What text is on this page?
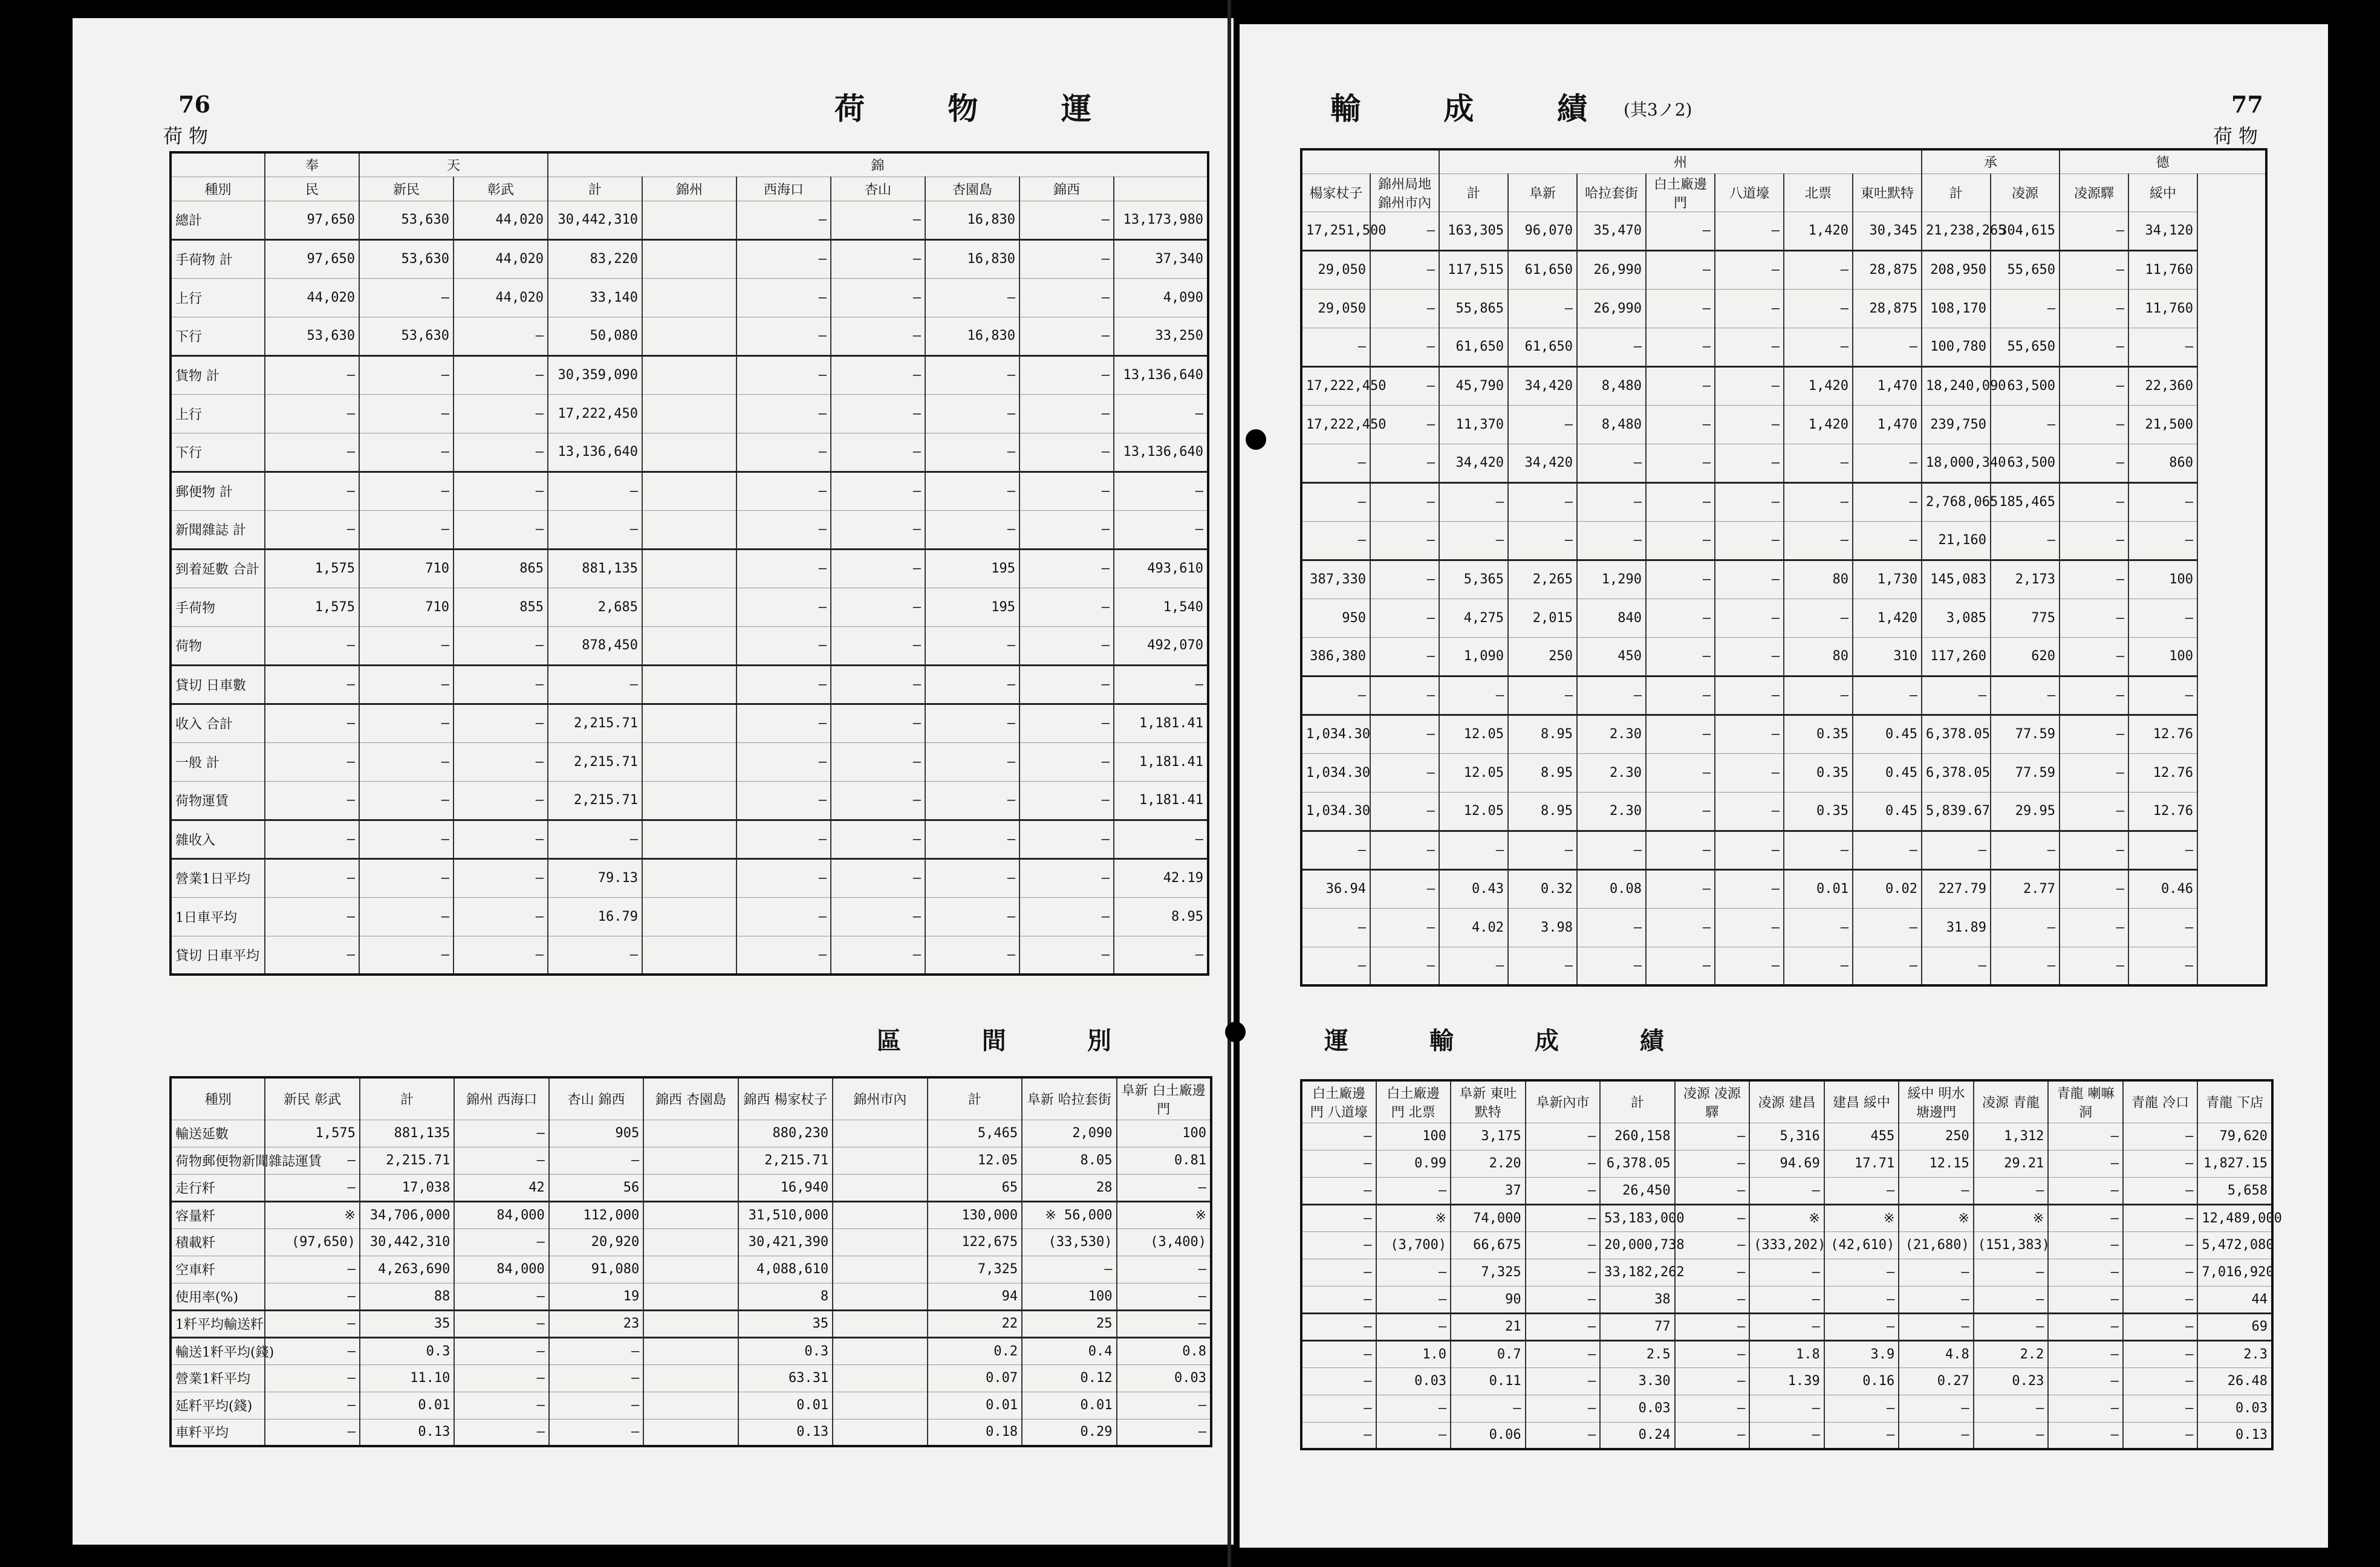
76
荷物
荷 物 運
	奉	天		錦						
種別	民	新民	彰武	計	錦州	西海口	杏山	杏園島	錦西	
總計	97,650	53,630	44,020	30,442,310		—	—	16,830	—	13,173,980
手荷物 計	97,650	53,630	44,020	83,220		—	—	16,830	—	37,340
上行	44,020	—	44,020	33,140		—	—	—	—	4,090
下行	53,630	53,630	—	50,080		—	—	16,830	—	33,250
貨物 計	—	—	—	30,359,090		—	—	—	—	13,136,640
上行	—	—	—	17,222,450		—	—	—	—	—
下行	—	—	—	13,136,640		—	—	—	—	13,136,640
郵便物 計	—	—	—	—		—	—	—	—	—
新聞雜誌 計	—	—	—	—		—	—	—	—	—
到着延數 合計	1,575	710	865	881,135		—	—	195	—	493,610
手荷物	1,575	710	855	2,685		—	—	195	—	1,540
荷物	—	—	—	878,450		—	—	—	—	492,070
貸切 日車數	—	—	—	—		—	—	—	—	—
收入 合計	—	—	—	2,215.71		—	—	—	—	1,181.41
一般 計	—	—	—	2,215.71		—	—	—	—	1,181.41
荷物運賃	—	—	—	2,215.71		—	—	—	—	1,181.41
雜收入	—	—	—	—		—	—	—	—	—
營業1日平均	—	—	—	79.13		—	—	—	—	42.19
1日車平均	—	—	—	16.79		—	—	—	—	8.95
貸切 日車平均	—	—	—	—		—	—	—	—	—
區 間 別
種別	新民 彰武	計	錦州 西海口	杏山 錦西	錦西 杏園島	錦西 楊家杖子	錦州市內	計	阜新 哈拉套街	阜新 白土廠邊門
輸送延數	1,575	881,135	—	905		880,230		5,465	2,090	100
荷物郵便物新聞雜誌運賃	—	2,215.71	—	—		2,215.71		12.05	8.05	0.81
走行粁	—	17,038	42	56		16,940		65	28	—
容量粁	※	34,706,000	84,000	112,000		31,510,000		130,000	※ 56,000	※
積載粁	(97,650)	30,442,310	—	20,920		30,421,390		122,675	(33,530)	(3,400)
空車粁	—	4,263,690	84,000	91,080		4,088,610		7,325	—	—
使用率(%)	—	88	—	19		8		94	100	—
1粁平均輸送粁	—	35	—	23		35		22	25	—
輸送1粁平均(錢)	—	0.3	—	—		0.3		0.2	0.4	0.8
營業1粁平均	—	11.10	—	—		63.31		0.07	0.12	0.03
延粁平均(錢)	—	0.01	—	—		0.01		0.01	0.01	—
車粁平均	—	0.13	—	—		0.13		0.18	0.29	—
77
荷物
輸 成 績 (其3ノ2)
		州							承		德	
楊家杖子	錦州局地錦州市內	計	阜新	哈拉套街	白土廠邊門	八道壕	北票	東吐默特	計	凌源	凌源驛	綏中
17,251,500	—	163,305	96,070	35,470	—	—	1,420	30,345	21,238,265	304,615	—	34,120
29,050	—	117,515	61,650	26,990	—	—	—	28,875	208,950	55,650	—	11,760
29,050	—	55,865	—	26,990	—	—	—	28,875	108,170	—	—	11,760
—	—	61,650	61,650	—	—	—	—	—	100,780	55,650	—	—
17,222,450	—	45,790	34,420	8,480	—	—	1,420	1,470	18,240,090	63,500	—	22,360
17,222,450	—	11,370	—	8,480	—	—	1,420	1,470	239,750	—	—	21,500
—	—	34,420	34,420	—	—	—	—	—	18,000,340	63,500	—	860
—	—	—	—	—	—	—	—	—	2,768,065	185,465	—	—
—	—	—	—	—	—	—	—	—	21,160	—	—	—
387,330	—	5,365	2,265	1,290	—	—	80	1,730	145,083	2,173	—	100
950	—	4,275	2,015	840	—	—	—	1,420	3,085	775	—	—
386,380	—	1,090	250	450	—	—	80	310	117,260	620	—	100
—	—	—	—	—	—	—	—	—	—	—	—	—
1,034.30	—	12.05	8.95	2.30	—	—	0.35	0.45	6,378.05	77.59	—	12.76
1,034.30	—	12.05	8.95	2.30	—	—	0.35	0.45	6,378.05	77.59	—	12.76
1,034.30	—	12.05	8.95	2.30	—	—	0.35	0.45	5,839.67	29.95	—	12.76
—	—	—	—	—	—	—	—	—	—	—	—	—
36.94	—	0.43	0.32	0.08	—	—	0.01	0.02	227.79	2.77	—	0.46
—	—	4.02	3.98	—	—	—	—	—	31.89	—	—	—
—	—	—	—	—	—	—	—	—	—	—	—	—
運 輸 成 績
白土廠邊門 八道壕	白土廠邊門 北票	阜新 東吐默特	阜新內市	計	凌源 凌源驛	凌源 建昌	建昌 綏中	綏中 明水塘邊門	凌源 青龍	青龍 喇嘛洞	青龍 冷口	青龍 下店
—	100	3,175	—	260,158	—	5,316	455	250	1,312	—	—	79,620
—	0.99	2.20	—	6,378.05	—	94.69	17.71	12.15	29.21	—	—	1,827.15
—	—	37	—	26,450	—	—	—	—	—	—	—	5,658
—	※	74,000	—	53,183,000	—	※	※	※	※	—	—	12,489,000
—	(3,700)	66,675	—	20,000,738	—	(333,202)	(42,610)	(21,680)	(151,383)	—	—	5,472,080
—	—	7,325	—	33,182,262	—	—	—	—	—	—	—	7,016,920
—	—	90	—	38	—	—	—	—	—	—	—	44
—	—	21	—	77	—	—	—	—	—	—	—	69
—	1.0	0.7	—	2.5	—	1.8	3.9	4.8	2.2	—	—	2.3
—	0.03	0.11	—	3.30	—	1.39	0.16	0.27	0.23	—	—	26.48
—	—	—	—	0.03	—	—	—	—	—	—	—	0.03
—	—	0.06	—	0.24	—	—	—	—	—	—	—	0.13
